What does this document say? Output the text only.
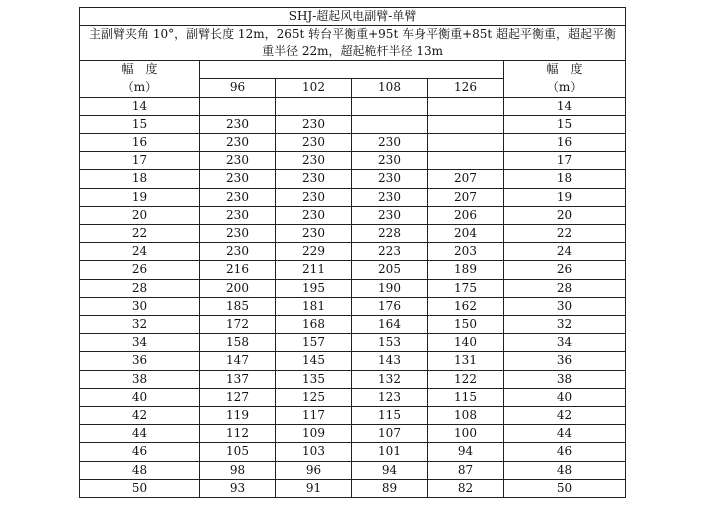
SHJ-超起风电副臂-单臂					

主副臂夹角 10°，副臂长度 12m，265t 转台平衡重+95t 车身平衡重+85t 超起平衡重，超起平衡
重半径 22m，超起桅杆半径 13m					

幅　度					幅　度
（m）	96	102	108	126	（m）
14					14
15	230	230			15
16	230	230	230		16
17	230	230	230		17
18	230	230	230	207	18
19	230	230	230	207	19
20	230	230	230	206	20
22	230	230	228	204	22
24	230	229	223	203	24
26	216	211	205	189	26
28	200	195	190	175	28
30	185	181	176	162	30
32	172	168	164	150	32
34	158	157	153	140	34
36	147	145	143	131	36
38	137	135	132	122	38
40	127	125	123	115	40
42	119	117	115	108	42
44	112	109	107	100	44
46	105	103	101	94	46
48	98	96	94	87	48
50	93	91	89	82	50
